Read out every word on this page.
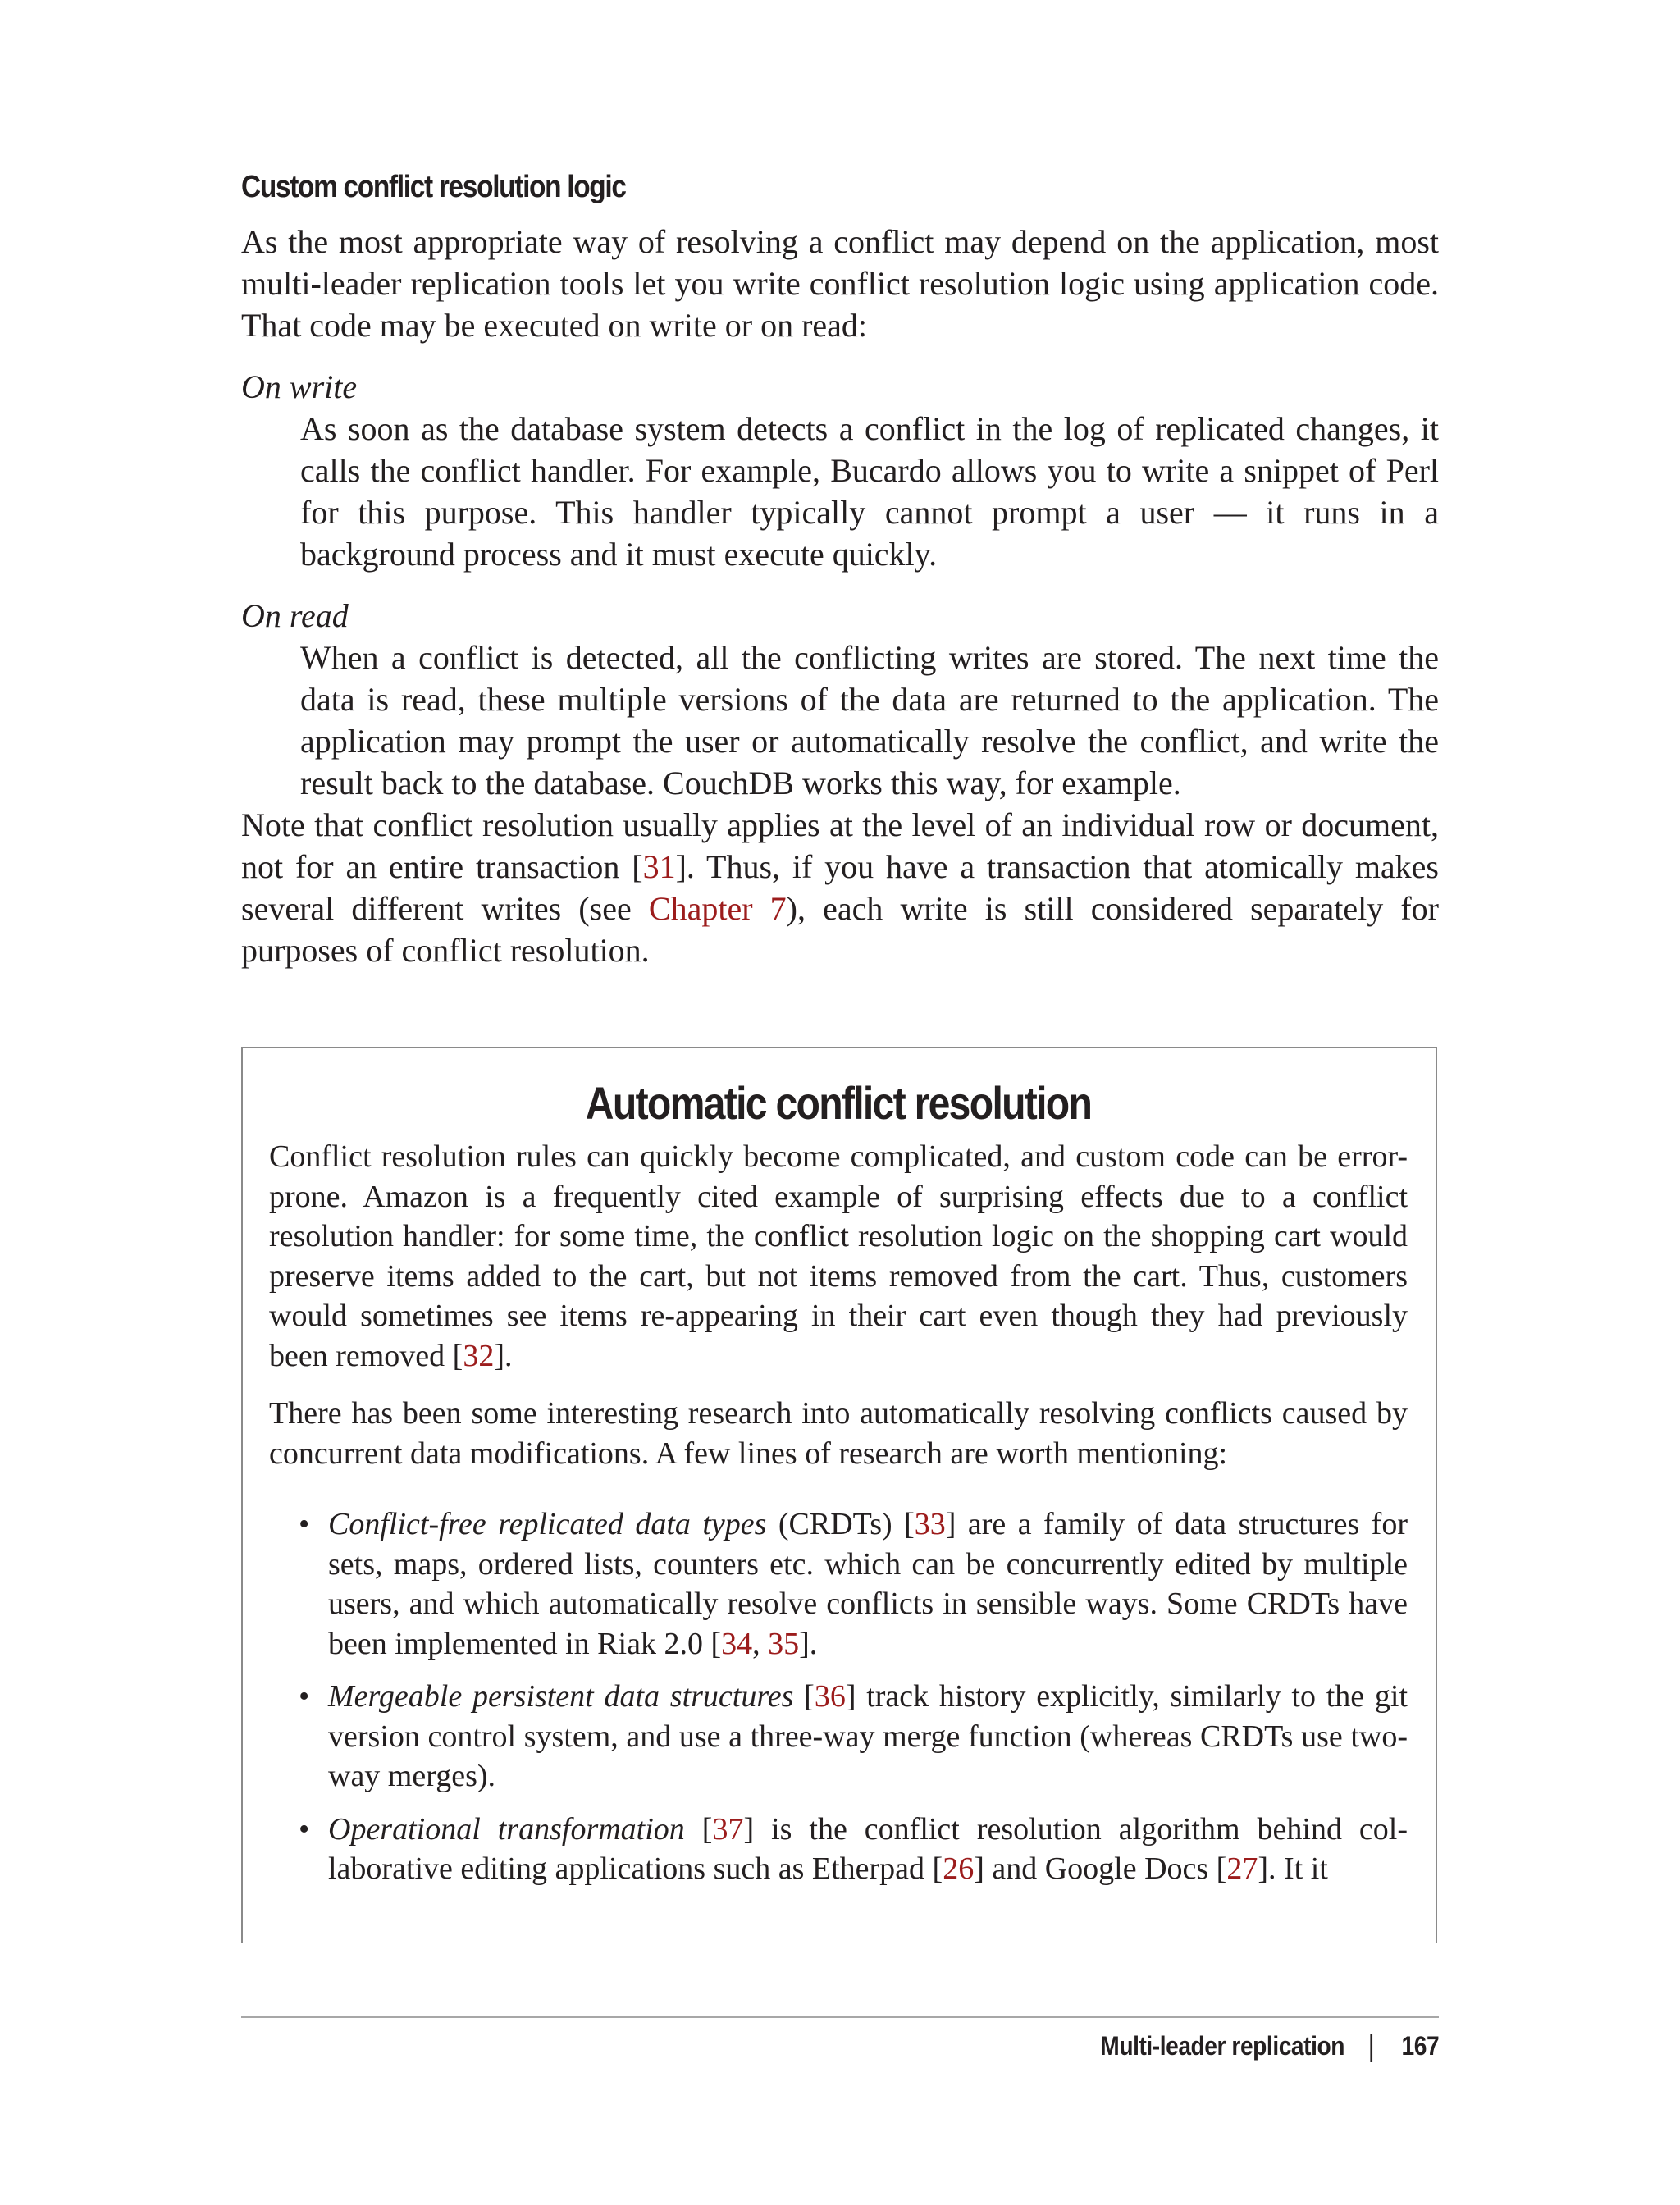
Custom conflict resolution logic

As the most appropriate way of resolving a conflict may depend on the application, most multi-leader replication tools let you write conflict resolution logic using application code. That code may be executed on write or on read:

On write

As soon as the database system detects a conflict in the log of replicated changes, it calls the conflict handler. For example, Bucardo allows you to write a snippet of Perl for this purpose. This handler typically cannot prompt a user — it runs in a background process and it must execute quickly.

On read

When a conflict is detected, all the conflicting writes are stored. The next time the data is read, these multiple versions of the data are returned to the application. The application may prompt the user or automatically resolve the conflict, and write the result back to the database. CouchDB works this way, for example.

Note that conflict resolution usually applies at the level of an individual row or document, not for an entire transaction [31]. Thus, if you have a transaction that atomically makes several different writes (see Chapter 7), each write is still considered separately for purposes of conflict resolution.

Automatic conflict resolution

Conflict resolution rules can quickly become complicated, and custom code can be error-prone. Amazon is a frequently cited example of surprising effects due to a conflict resolution handler: for some time, the conflict resolution logic on the shopping cart would preserve items added to the cart, but not items removed from the cart. Thus, customers would sometimes see items re-appearing in their cart even though they had previously been removed [32].

There has been some interesting research into automatically resolving conflicts caused by concurrent data modifications. A few lines of research are worth mentioning:

• Conflict-free replicated data types (CRDTs) [33] are a family of data structures for sets, maps, ordered lists, counters etc. which can be concurrently edited by multiple users, and which automatically resolve conflicts in sensible ways. Some CRDTs have been implemented in Riak 2.0 [34, 35].
• Mergeable persistent data structures [36] track history explicitly, similarly to the git version control system, and use a three-way merge function (whereas CRDTs use two-way merges).
• Operational transformation [37] is the conflict resolution algorithm behind collaborative editing applications such as Etherpad [26] and Google Docs [27]. It it
Multi-leader replication 167
